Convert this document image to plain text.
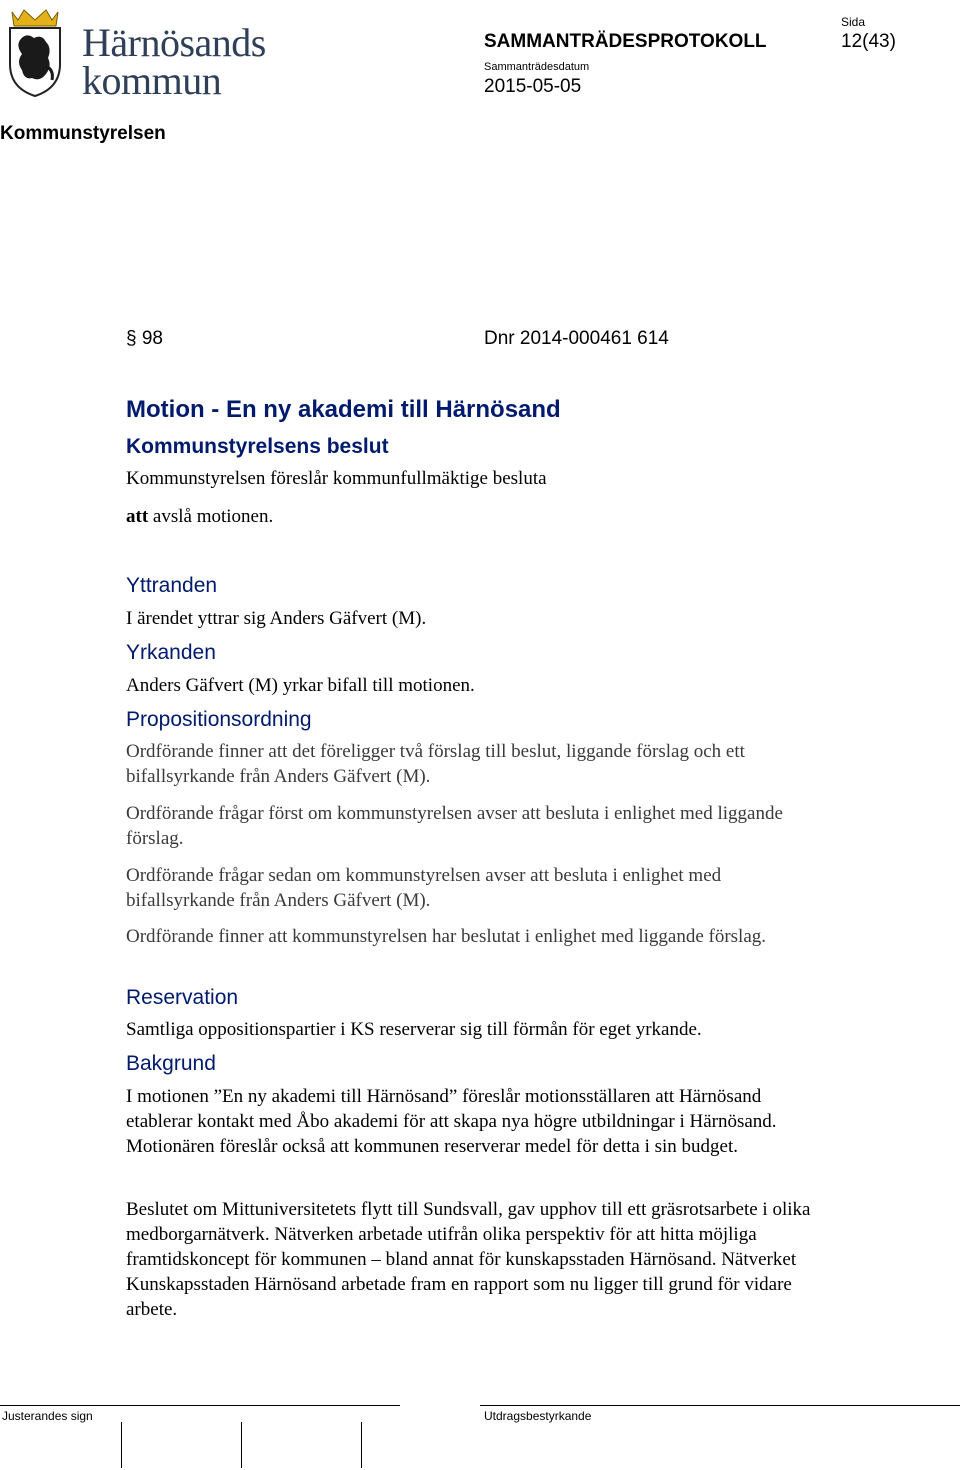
Härnösands
kommun
SAMMANTRÄDESPROTOKOLL
Sammanträdesdatum
2015-05-05
Sida
12(43)
Kommunstyrelsen
§ 98	Dnr 2014-000461 614
Motion - En ny akademi till Härnösand
Kommunstyrelsens beslut
Kommunstyrelsen föreslår kommunfullmäktige besluta
att avslå motionen.
Yttranden
I ärendet yttrar sig Anders Gäfvert (M).
Yrkanden
Anders Gäfvert (M) yrkar bifall till motionen.
Propositionsordning
Ordförande finner att det föreligger två förslag till beslut, liggande förslag och ett bifallsyrkande från Anders Gäfvert (M).
Ordförande frågar först om kommunstyrelsen avser att besluta i enlighet med liggande förslag.
Ordförande frågar sedan om kommunstyrelsen avser att besluta i enlighet med bifallsyrkande från Anders Gäfvert (M).
Ordförande finner att kommunstyrelsen har beslutat i enlighet med liggande förslag.
Reservation
Samtliga oppositionspartier i KS reserverar sig till förmån för eget yrkande.
Bakgrund
I motionen ”En ny akademi till Härnösand” föreslår motionsställaren att Härnösand etablerar kontakt med Åbo akademi för att skapa nya högre utbildningar i Härnösand. Motionären föreslår också att kommunen reserverar medel för detta i sin budget.
Beslutet om Mittuniversitetets flytt till Sundsvall, gav upphov till ett gräsrotsarbete i olika medborgarnätverk. Nätverken arbetade utifrån olika perspektiv för att hitta möjliga framtidskoncept för kommunen – bland annat för kunskapsstaden Härnösand. Nätverket Kunskapsstaden Härnösand arbetade fram en rapport som nu ligger till grund för vidare arbete.
Justerandes sign	Utdragsbestyrkande
